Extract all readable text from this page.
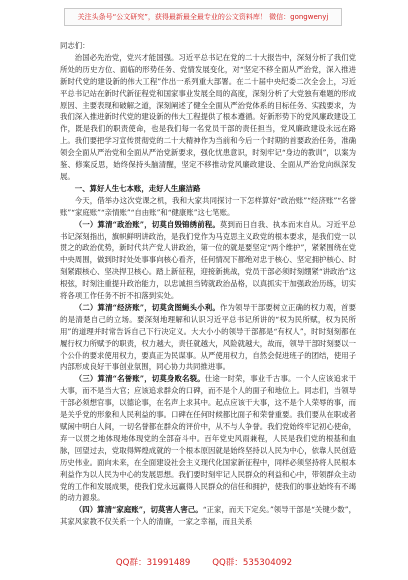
关注头条号“公文研究”，获得最新最全最专业的公文资料库！ 微信：gongwenyj

同志们：

治国必先治党，党兴才能国强。习近平总书记在党的二十大报告中，深刻分析了我们党所处的历史方位、面临的形势任务、党情发展变化，对“坚定不移全面从严治党，深入推进新时代党的建设新的伟大工程”作出一系列重大部署。在二十届中央纪委二次全会上，习近平总书记站在新时代新征程党和国家事业发展全局的高度，深刻分析了大党独有难题的形成原因、主要表现和破解之道，深刻阐述了健全全面从严治党体系的目标任务、实践要求，为我们深入推进新时代党的建设新的伟大工程提供了根本遵循。好新形势下的党风廉政建设工作，既是我们的职责使命，也是我们每一名党员干部的责任担当，党风廉政建设永远在路上。我们要把学习宣传贯彻党的二十大精神作为当前和今后一个时期的首要政治任务，准确领会全面从严治党和全面从严治党新要求，强化忧患意识，时刻牢记“身边的教训”，以案为鉴、修案反思，始终保持头脑清醒，坚定不移推动党风廉政建设、全面从严治党向纵深发展。

一、算好人生七本账，走好人生廉洁路

今天，借举办这次党课之机，我和大家共同探讨一下怎样算好“政治账”“经济账”“名誉账”“家庭账”“亲情账”“自由账”和“健康账”这七笔账。

（一）算清“政治账”，切莫自毁锦绣前程。莫到而日自我、执本而末自从。习近平总书记深刻指出，旗帜鲜明讲政治，是我们党作为马克思主义政党的根本要求，是我们党一以贯之的政治优势，新时代共产党人讲政治，第一位的就是要坚定“两个维护”，紧紧围绕在党中央周围，做到时时处处事事向核心看齐，任何情况下都绝对忠于核心、坚定拥护核心、时刻紧跟核心、坚决捍卫核心。踏上新征程，迎接新挑战，党员干部必须时刻绷紧“讲政治”这根弦，时刻注重提升政治能力，以忠诚担当铸就政治品格，以真抓实干加强政治历练，切实将各项工作任务不折不扣落到实处。

（二）算清“经济账”，切莫贪图蝇头小利。作为领导干部要树立正确的权力观，首要的是清楚自己的立场。要深刻地理解和认识习近平总书记所讲的“权为民所赋，权为民所用”的道理并时常告诉自己下行决定义。大大小小的领导干部都是“有权人”，时时刻刻都在履行权力所赋予的职责，权力越大，责任就越大，风险就越大，故而，领导干部时刻要以一个公仆的要求使用权力，要真正为民谋事。从严使用权力，自然会促进班子的团结，使用子内部形成良好干事创业氛围，同心协力共同推进事。

（三）算清“名誉账”，切莫身败名裂。仕途一时荣，事业千古事。一个人应该追求干大事，而不是当大官；应该追求群众的口碑，而不是个人的面子和地位上。同志们，当领导干部必须想官事，以德论事，在名声上求其中。起点应该干大事，这不是个人荣辱的事，而是关乎党的形象和人民利益的事。口碑在任何时候都比面子和荣誉重要。我们要从在职或者赋闲中明白人间，一切名誉都在群众的评价中，从不与人争誉。我们党始终牢记初心使命，弃一以贯之地体现地体现党的全部奋斗中。百年党史风雨兼程，人民是我们党的根基和血脉，回望过去，党取得辉煌成就的一个根本原因就是始终坚持以人民为中心，依靠人民创造历史伟业。面向未来，在全面建设社会主义现代化国家新征程中，同样必须坚持将人民根本利益作为以人民为中心的发展思想。我们要时刻牢记人民群众的利益和心中，带领群众主动党的工作和发展成果，使我们党永远赢得人民群众的信任和拥护，使我们的事业始终有不竭的动力源泉。

（四）算清“家庭账”，切莫害人害己。“正家，而天下定矣。”领导干部是“关键少数”，其家风家教不仅关系一个人的清廉，一家之幸福，而且关系

QQ群：31991489	QQ群：535304092
